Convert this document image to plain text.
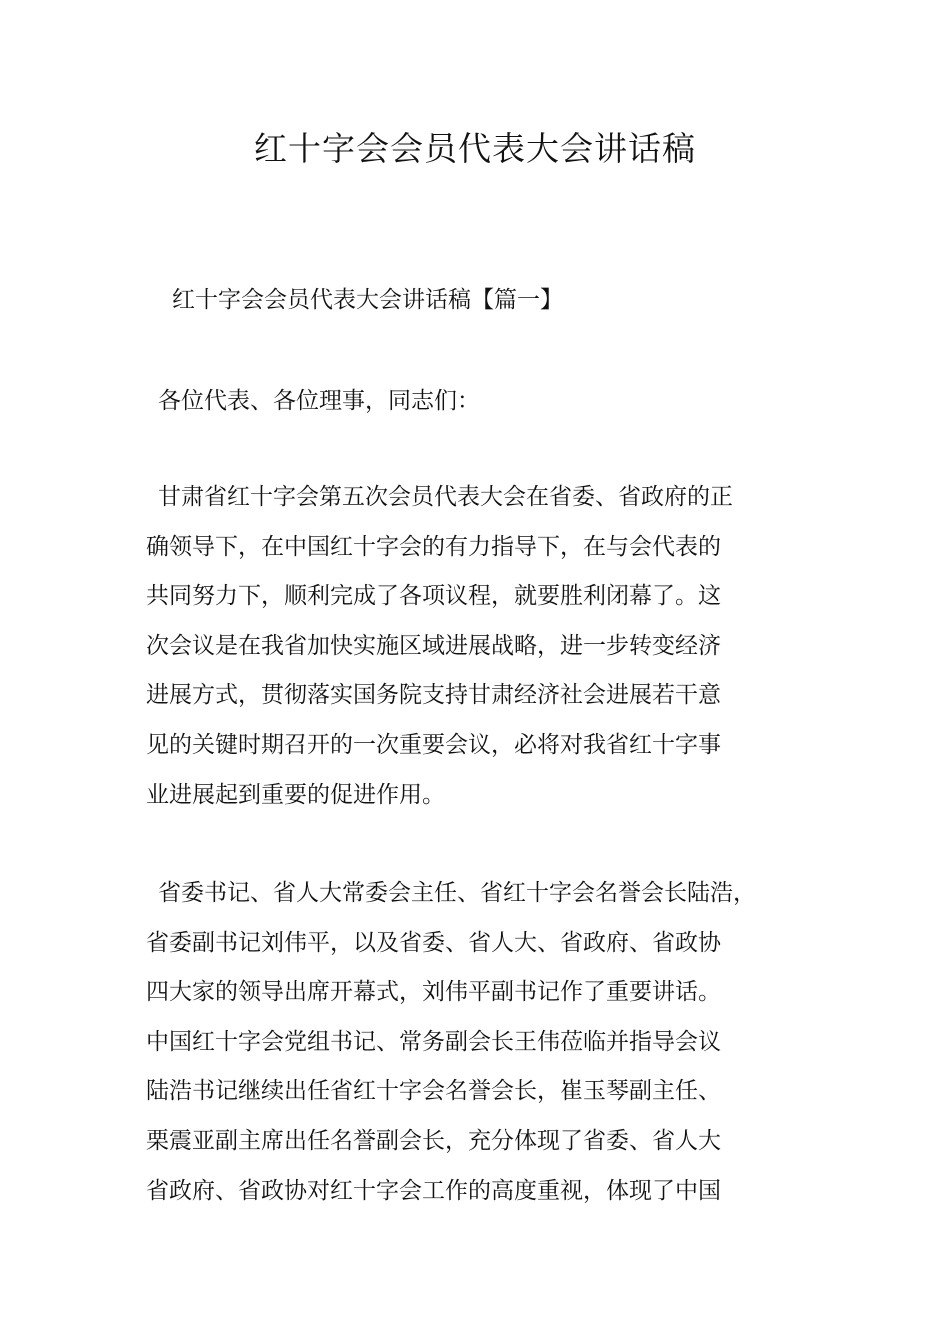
红十字会会员代表大会讲话稿

红十字会会员代表大会讲话稿【篇一】

各位代表、各位理事，同志们：

甘肃省红十字会第五次会员代表大会在省委、省政府的正
确领导下，在中国红十字会的有力指导下，在与会代表的
共同努力下，顺利完成了各项议程，就要胜利闭幕了。这
次会议是在我省加快实施区域进展战略，进一步转变经济
进展方式，贯彻落实国务院支持甘肃经济社会进展若干意
见的关键时期召开的一次重要会议，必将对我省红十字事
业进展起到重要的促进作用。

省委书记、省人大常委会主任、省红十字会名誉会长陆浩，
省委副书记刘伟平，以及省委、省人大、省政府、省政协
四大家的领导出席开幕式，刘伟平副书记作了重要讲话。
中国红十字会党组书记、常务副会长王伟莅临并指导会议
陆浩书记继续出任省红十字会名誉会长，崔玉琴副主任、
栗震亚副主席出任名誉副会长，充分体现了省委、省人大
省政府、省政协对红十字会工作的高度重视，体现了中国
